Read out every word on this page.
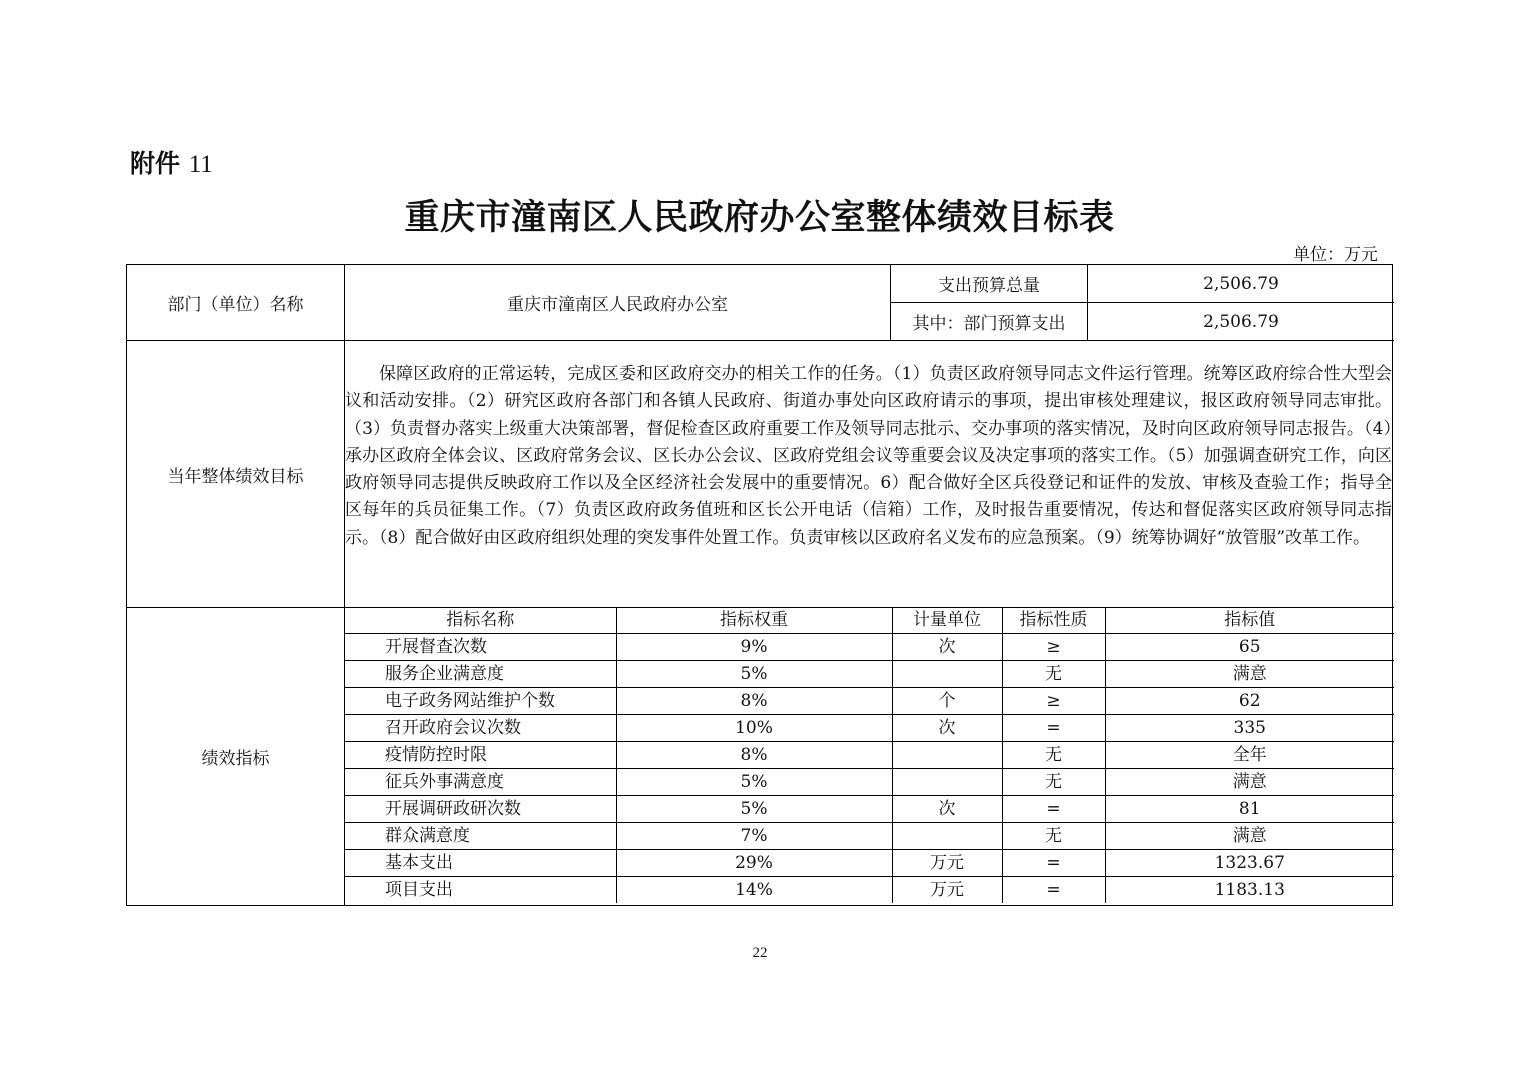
附件 11
重庆市潼南区人民政府办公室整体绩效目标表
单位：万元
部门（单位）名称	重庆市潼南区人民政府办公室
支出预算总量	2,506.79
其中：部门预算支出	2,506.79
当年整体绩效目标

保障区政府的正常运转，完成区委和区政府交办的相关工作的任务。（1）负责区政府领导同志文件运行管理。统筹区政府综合性大型会议和活动安排。（2）研究区政府各部门和各镇人民政府、街道办事处向区政府请示的事项，提出审核处理建议，报区政府领导同志审批。 （3）负责督办落实上级重大决策部署，督促检查区政府重要工作及领导同志批示、交办事项的落实情况，及时向区政府领导同志报告。（4）承办区政府全体会议、区政府常务会议、区长办公会议、区政府党组会议等重要会议及决定事项的落实工作。（5）加强调查研究工作，向区政府领导同志提供反映政府工作以及全区经济社会发展中的重要情况。6）配合做好全区兵役登记和证件的发放、审核及查验工作；指导全区每年的兵员征集工作。（7）负责区政府政务值班和区长公开电话（信箱）工作，及时报告重要情况，传达和督促落实区政府领导同志指示。（8）配合做好由区政府组织处理的突发事件处置工作。负责审核以区政府名义发布的应急预案。（9）统筹协调好“放管服”改革工作。

绩效指标
指标名称	指标权重	计量单位	指标性质	指标值
开展督查次数	9%	次	≥	65
服务企业满意度	5%		无	满意
电子政务网站维护个数	8%	个	≥	62
召开政府会议次数	10%	次	=	335
疫情防控时限	8%		无	全年
征兵外事满意度	5%		无	满意
开展调研政研次数	5%	次	=	81
群众满意度	7%		无	满意
基本支出	29%	万元	=	1323.67
项目支出	14%	万元	=	1183.13
22
